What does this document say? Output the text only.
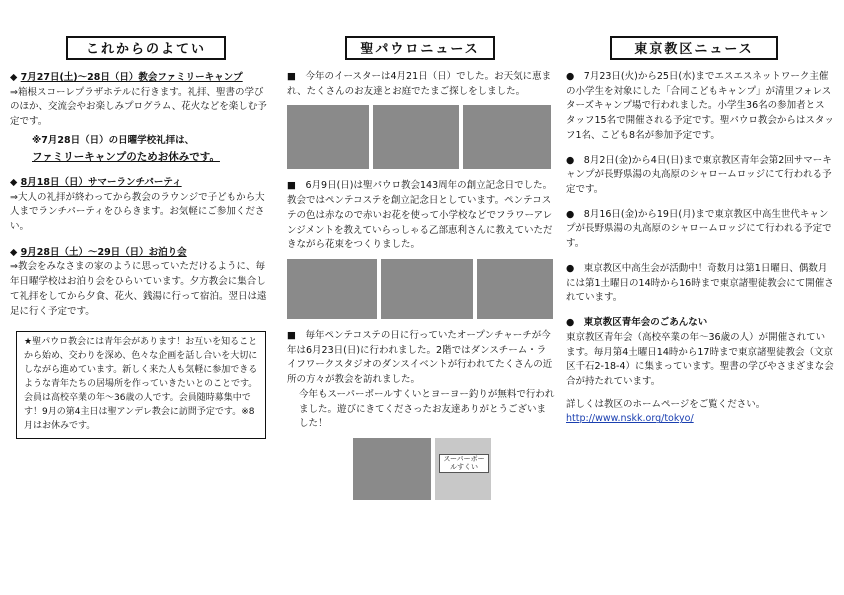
これからのよてい
◆ 7月27日(土)～28日（日）教会ファミリーキャンプ
⇒箱根スコーレプラザホテルに行きます。礼拝、聖書の学びのほか、交流会やお楽しみプログラム、花火などを楽しむ予定です。
※7月28日（日）の日曜学校礼拝は、
ファミリーキャンプのためお休みです。
◆ 8月18日（日）サマーランチパーティ
⇒大人の礼拝が終わってから教会のラウンジで子どもから大人までランチパーティをひらきます。お気軽にご参加ください。
◆ 9月28日（土）～29日（日）お泊り会
⇒教会をみなさまの家のように思っていただけるように、毎年日曜学校はお泊り会をひらいています。夕方教会に集合して礼拝をしてから夕食、花火、銭湯に行って宿泊。翌日は遠足に行く予定です。
★聖パウロ教会には青年会があります！お互いを知ることから始め、交わりを深め、色々な企画を話し合いを大切にしながら進めています。新しく来た人も気軽に参加できるような青年たちの居場所を作っていきたいとのことです。会員は高校卒業の年～36歳の人です。会員随時募集中です！9月の第4主日は聖アンデレ教会に訪問予定です。※8月はお休みです。
聖パウロニュース
■　今年のイースターは4月21日（日）でした。お天気に恵まれ、たくさんのお友達とお庭でたまご探しをしました。
■　6月9日(日)は聖パウロ教会143周年の創立記念日でした。教会ではペンテコステを創立記念日としています。ペンテコステの色は赤なので赤いお花を使って小学校などでフラワーアレンジメントを教えていらっしゃる乙部恵利さんに教えていただきながら花束をつくりました。
■　毎年ペンテコステの日に行っていたオープンチャーチが今年は6月23日(日)に行われました。2階ではダンスチーム・ライフワークスタジオのダンスイベントが行われてたくさんの近所の方々が教会を訪れました。
今年もスーパーボールすくいとヨーヨー釣りが無料で行われました。遊びにきてくださったお友達ありがとうございました！
スーパーボールすくい
東京教区ニュース
●　7月23日(火)から25日(水)までエスエスネットワーク主催の小学生を対象にした「合同こどもキャンプ」が清里フォレスターズキャンプ場で行われました。小学生36名の参加者とスタッフ15名で開催される予定です。聖パウロ教会からはスタッフ1名、こども8名が参加予定です。
●　8月2日(金)から4日(日)まで東京教区青年会第2回サマーキャンプが長野県湯の丸高原のシャロームロッジにて行われる予定です。
●　8月16日(金)から19日(月)まで東京教区中高生世代キャンプが長野県湯の丸高原のシャロームロッジにて行われる予定です。
●　東京教区中高生会が活動中！奇数月は第1日曜日、偶数月には第1土曜日の14時から16時まで東京諸聖徒教会にて開催されています。
●　東京教区青年会のごあんない
東京教区青年会（高校卒業の年～36歳の人）が開催されています。毎月第4土曜日14時から17時まで東京諸聖徒教会（文京区千石2-18-4）に集まっています。聖書の学びやさまざまな会合が持たれています。
詳しくは教区のホームページをご覧ください。
http://www.nskk.org/tokyo/
